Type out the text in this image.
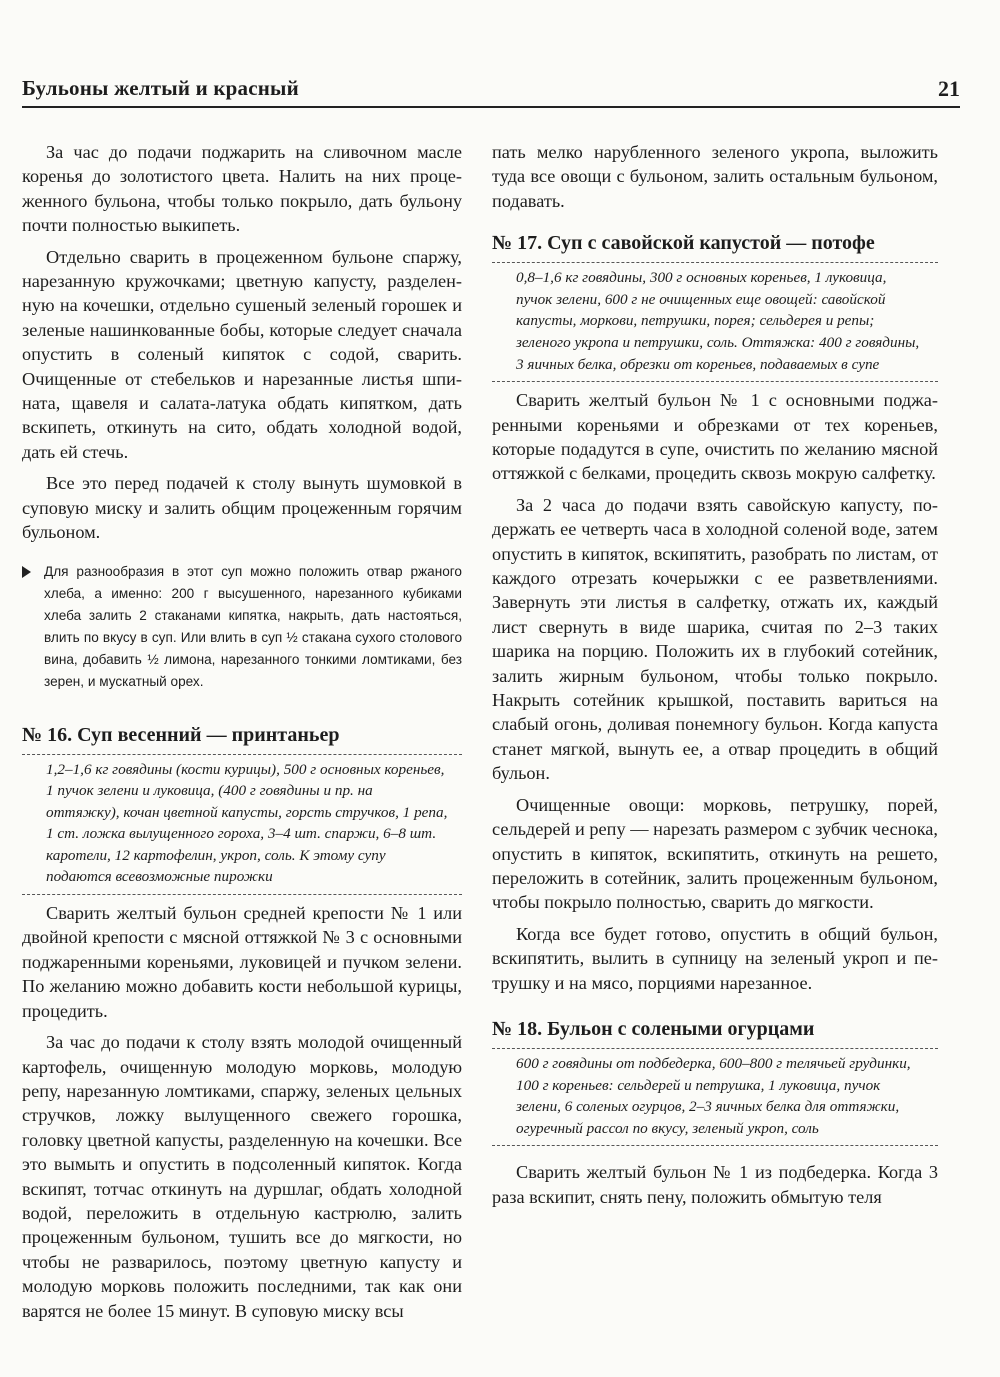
Бульоны желтый и красный	21

За час до подачи поджарить на сливочном масле коренья до золотистого цвета. Налить на них процеженного бульона, чтобы только покрыло, дать бульону почти полностью выкипеть.

Отдельно сварить в процеженном бульоне спаржу, нарезанную кружочками; цветную капусту, разделенную на кочешки, отдельно сушеный зеленый горошек и зеленые нашинкованные бобы, которые следует сначала опустить в соленый кипяток с содой, сварить. Очищенные от стебельков и нарезанные листья шпината, щавеля и салата-латука обдать кипятком, дать вскипеть, откинуть на сито, обдать холодной водой, дать ей стечь.

Все это перед подачей к столу вынуть шумовкой в суповую миску и залить общим процеженным горячим бульоном.

Для разнообразия в этот суп можно положить отвар ржаного хлеба, а именно: 200 г высушенного, нарезанного кубиками хлеба залить 2 стаканами кипятка, накрыть, дать настояться, влить по вкусу в суп. Или влить в суп ½ стакана сухого столового вина, добавить ½ лимона, нарезанного тонкими ломтиками, без зерен, и мускатный орех.
№ 16. Суп весенний — принтаньер
1,2–1,6 кг говядины (кости курицы), 500 г основных кореньев, 1 пучок зелени и луковица, (400 г говядины и пр. на оттяжку), кочан цветной капусты, горсть стручков, 1 репа, 1 ст. ложка вылущенного гороха, 3–4 шт. спаржи, 6–8 шт. каротели, 12 картофелин, укроп, соль. К этому супу подаются всевозможные пирожки

Сварить желтый бульон средней крепости № 1 или двойной крепости с мясной оттяжкой № 3 с основными поджаренными кореньями, луковицей и пучком зелени. По желанию можно добавить кости небольшой курицы, процедить.

За час до подачи к столу взять молодой очищенный картофель, очищенную молодую морковь, молодую репу, нарезанную ломтиками, спаржу, зеленых цельных стручков, ложку вылущенного свежего горошка, головку цветной капусты, разделенную на кочешки. Все это вымыть и опустить в подсоленный кипяток. Когда вскипят, тотчас откинуть на дуршлаг, обдать холодной водой, переложить в отдельную кастрюлю, залить процеженным бульоном, тушить все до мягкости, но чтобы не разварилось, поэтому цветную капусту и молодую морковь положить последними, так как они варятся не более 15 минут. В суповую миску всы

пать мелко нарубленного зеленого укропа, выложить туда все овощи с бульоном, залить остальным бульоном, подавать.

№ 17. Суп с савойской капустой — потофе
0,8–1,6 кг говядины, 300 г основных кореньев, 1 луковица, пучок зелени, 600 г не очищенных еще овощей: савойской капусты, моркови, петрушки, порея; сельдерея и репы; зеленого укропа и петрушки, соль. Оттяжка: 400 г говядины, 3 яичных белка, обрезки от кореньев, подаваемых в супе

Сварить желтый бульон № 1 с основными поджаренными кореньями и обрезками от тех кореньев, которые подадутся в супе, очистить по желанию мясной оттяжкой с белками, процедить сквозь мокрую салфетку.

За 2 часа до подачи взять савойскую капусту, подержать ее четверть часа в холодной соленой воде, затем опустить в кипяток, вскипятить, разобрать по листам, от каждого отрезать кочерыжки с ее разветвлениями. Завернуть эти листья в салфетку, отжать их, каждый лист свернуть в виде шарика, считая по 2–3 таких шарика на порцию. Положить их в глубокий сотейник, залить жирным бульоном, чтобы только покрыло. Накрыть сотейник крышкой, поставить вариться на слабый огонь, доливая понемногу бульон. Когда капуста станет мягкой, вынуть ее, а отвар процедить в общий бульон.

Очищенные овощи: морковь, петрушку, порей, сельдерей и репу — нарезать размером с зубчик чеснока, опустить в кипяток, вскипятить, откинуть на решето, переложить в сотейник, залить процеженным бульоном, чтобы покрыло полностью, сварить до мягкости.

Когда все будет готово, опустить в общий бульон, вскипятить, вылить в супницу на зеленый укроп и петрушку и на мясо, порциями нарезанное.

№ 18. Бульон с солеными огурцами
600 г говядины от подбедерка, 600–800 г телячьей грудинки, 100 г кореньев: сельдерей и петрушка, 1 луковица, пучок зелени, 6 соленых огурцов, 2–3 яичных белка для оттяжки, огуречный рассол по вкусу, зеленый укроп, соль

Сварить желтый бульон № 1 из подбедерка. Когда 3 раза вскипит, снять пену, положить обмытую теля
